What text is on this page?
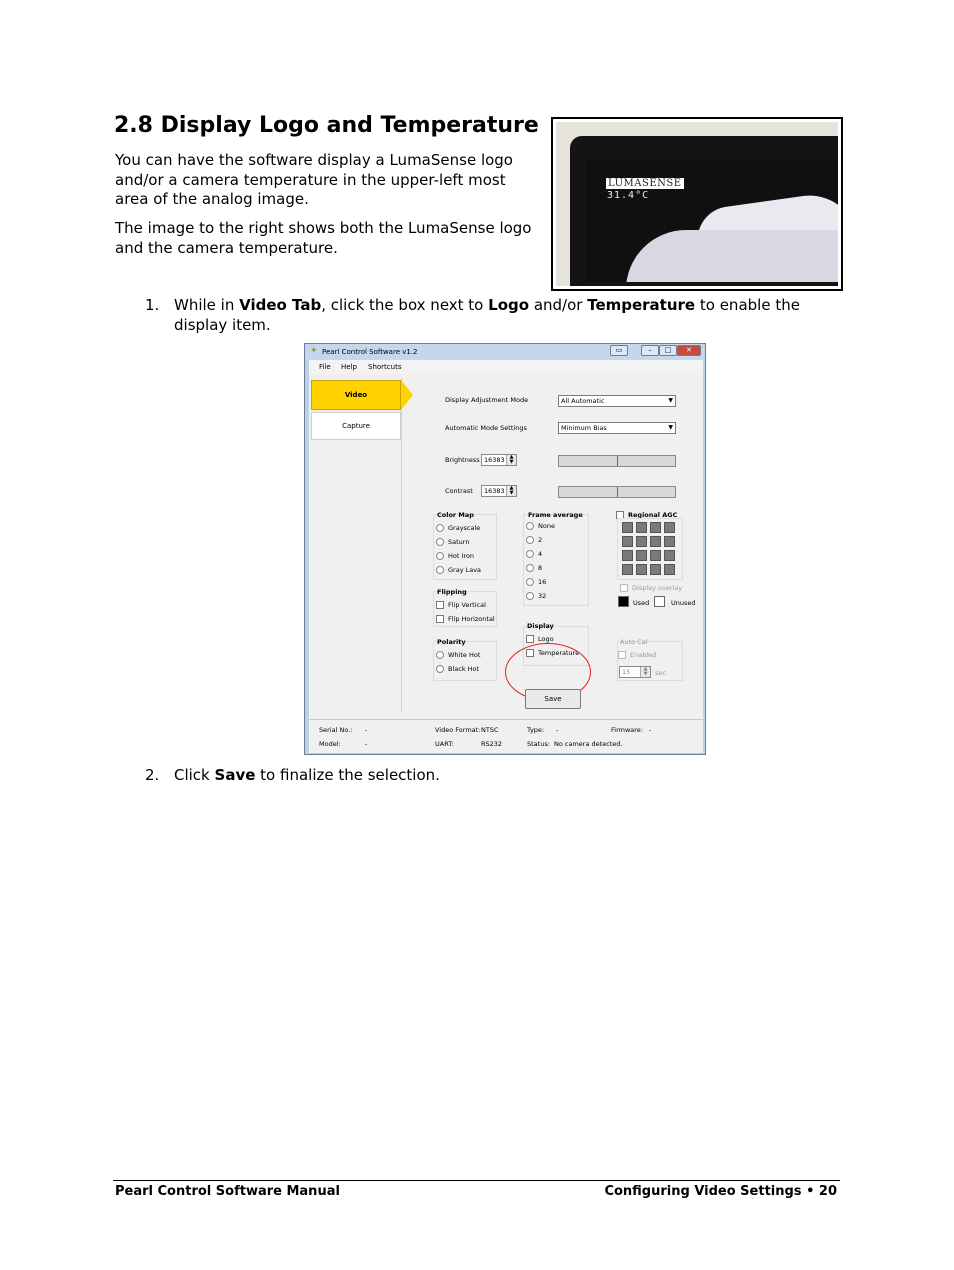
2.8 Display Logo and Temperature

You can have the software display a LumaSense logo and/or a camera temperature in the upper-left most area of the analog image.

The image to the right shows both the LumaSense logo and the camera temperature.

LUMASENSE
31.4°C
1. While in Video Tab, click the box next to Logo and/or Temperature to enable the display item.
✦ Pearl Control Software v1.2	▭	–	□	✕
File Help Shortcuts
Video
Capture
Display Adjustment Mode	All Automatic	▼
Automatic Mode Settings	Minimum Bias	▼
Brightness 16383 ▲
▼
Contrast	16383 ▲
▼
Color Map
Grayscale
Saturn
Hot Iron
Gray Lava
Frame average
None
2
4
8
16
32
Regional AGC
Display overlay
Used	Unused
Flipping
Flip Vertical
Flip Horizontal
Display
Logo
Temperature
Polarity
White Hot
Black Hot
Auto Cal
Enabled
15	▲
▼	sec
Save
Serial No.: -
Model:	-
Video Format: NTSC
UART:	RS232
Type: -
Status: No camera detected.
Firmware: -
2. Click Save to finalize the selection.
Pearl Control Software Manual	Configuring Video Settings • 20
